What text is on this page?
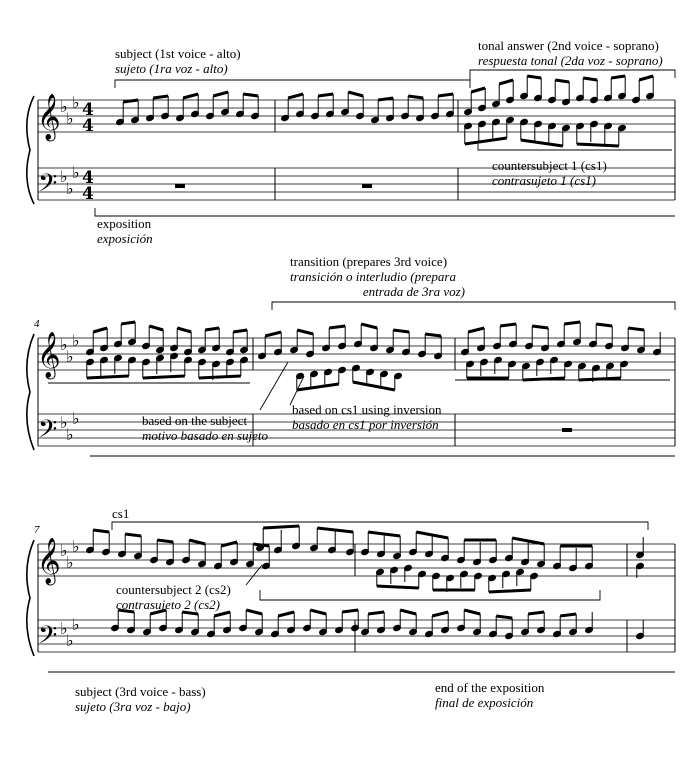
𝄞
𝄢
𝄞
𝄢
𝄞
𝄢
♭
♭
♭
♭
♭
♭
♭
♭
♭
♭
♭
♭
♭
♭
♭
♭
♭
♭
4
4
4
4
4
7
subject (1st voice - alto)
sujeto (1ra voz - alto)
tonal answer (2nd voice - soprano)
respuesta tonal (2da voz - soprano)
countersubject 1 (cs1)
contrasujeto 1 (cs1)
exposition
exposición
transition (prepares 3rd voice)
transición o interludio (prepara
entrada de 3ra voz)
based on the subject
motivo basado en sujeto
based on cs1 using inversion
basado en cs1 por inversión
cs1
countersubject 2 (cs2)
contrasujeto 2 (cs2)
subject (3rd voice - bass)
sujeto (3ra voz - bajo)
end of the exposition
final de exposición
